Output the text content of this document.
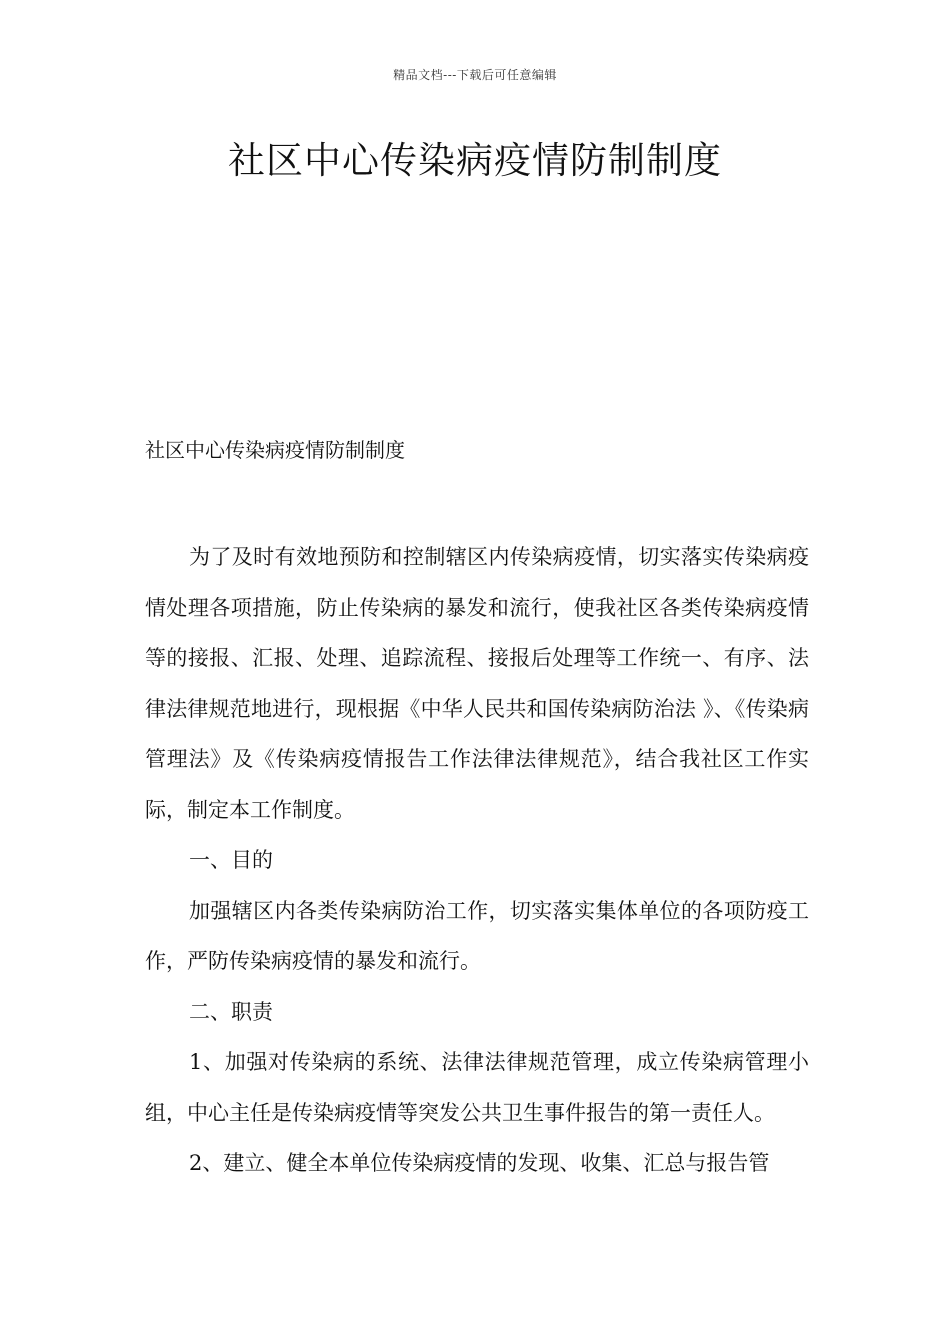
精品文档---下载后可任意编辑
社区中心传染病疫情防制制度
社区中心传染病疫情防制制度

为了及时有效地预防和控制辖区内传染病疫情，切实落实传染病疫情处理各项措施，防止传染病的暴发和流行，使我社区各类传染病疫情等的接报、汇报、处理、追踪流程、接报后处理等工作统一、有序、法律法律规范地进行，现根据《中华人民共和国传染病防治法 》、《传染病管理法》及《传染病疫情报告工作法律法律规范》，结合我社区工作实际，制定本工作制度。

一、目的

加强辖区内各类传染病防治工作，切实落实集体单位的各项防疫工作，严防传染病疫情的暴发和流行。

二、职责

1、加强对传染病的系统、法律法律规范管理，成立传染病管理小组，中心主任是传染病疫情等突发公共卫生事件报告的第一责任人。

2、建立、健全本单位传染病疫情的发现、收集、汇总与报告管
